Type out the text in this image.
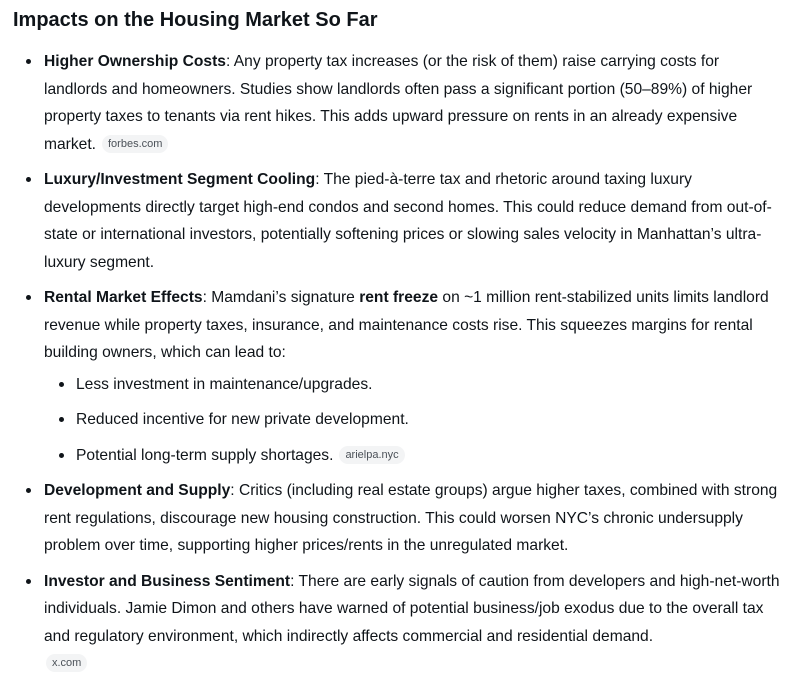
Impacts on the Housing Market So Far
Higher Ownership Costs: Any property tax increases (or the risk of them) raise carrying costs for landlords and homeowners. Studies show landlords often pass a significant portion (50–89%) of higher property taxes to tenants via rent hikes. This adds upward pressure on rents in an already expensive market. forbes.com
Luxury/Investment Segment Cooling: The pied-à-terre tax and rhetoric around taxing luxury developments directly target high-end condos and second homes. This could reduce demand from out-of-state or international investors, potentially softening prices or slowing sales velocity in Manhattan’s ultra-luxury segment.
Rental Market Effects: Mamdani’s signature rent freeze on ~1 million rent-stabilized units limits landlord revenue while property taxes, insurance, and maintenance costs rise. This squeezes margins for rental building owners, which can lead to:
Less investment in maintenance/upgrades.
Reduced incentive for new private development.
Potential long-term supply shortages. arielpa.nyc
Development and Supply: Critics (including real estate groups) argue higher taxes, combined with strong rent regulations, discourage new housing construction. This could worsen NYC’s chronic undersupply problem over time, supporting higher prices/rents in the unregulated market.
Investor and Business Sentiment: There are early signals of caution from developers and high-net-worth individuals. Jamie Dimon and others have warned of potential business/job exodus due to the overall tax and regulatory environment, which indirectly affects commercial and residential demand.
x.com
